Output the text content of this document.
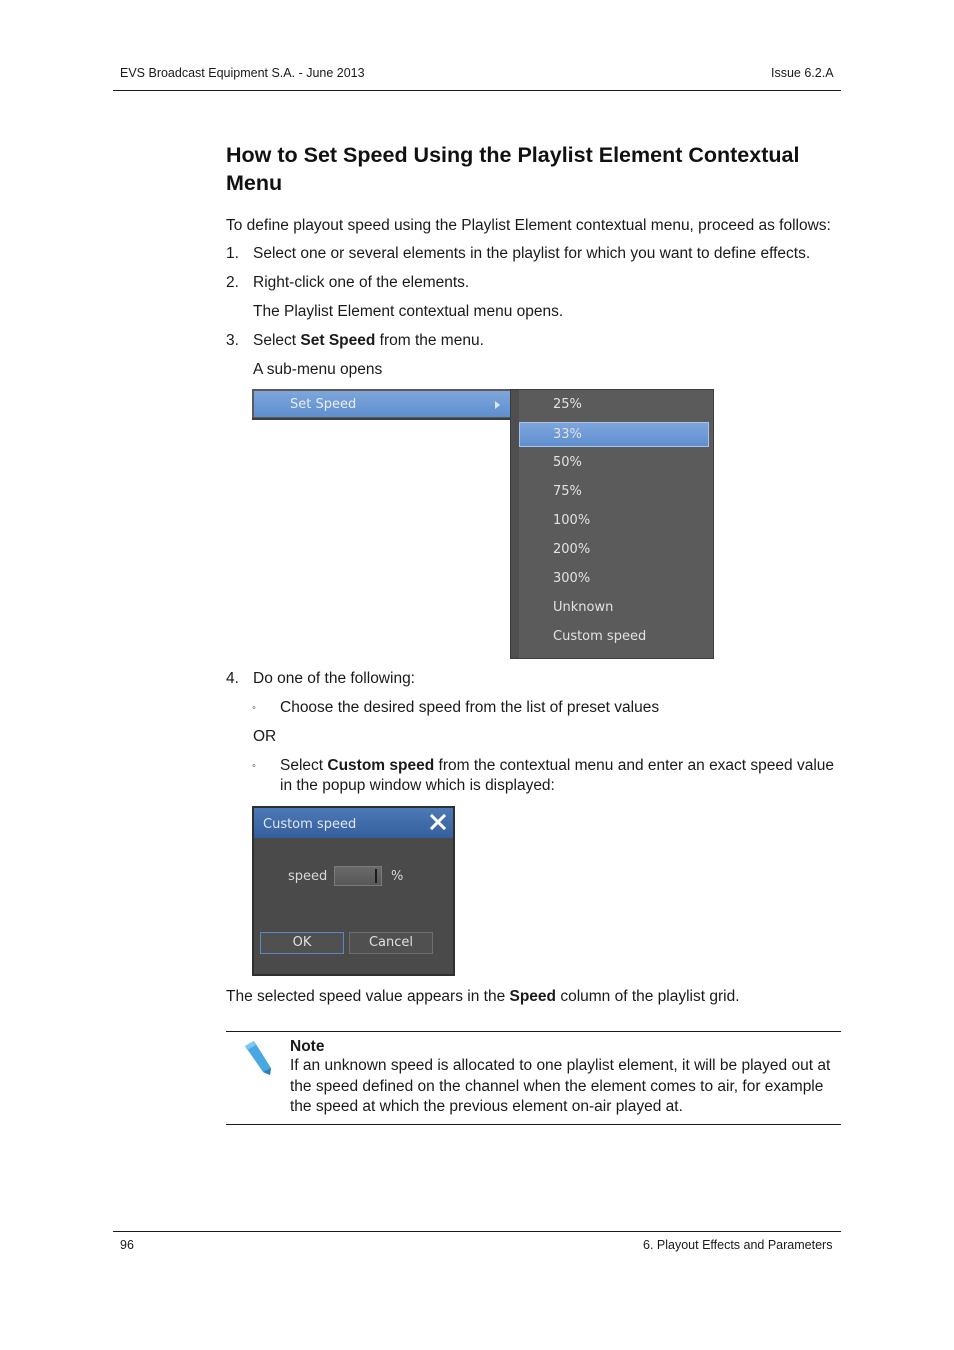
EVS Broadcast Equipment S.A. - June 2013	Issue 6.2.A
How to Set Speed Using the Playlist Element Contextual Menu
To define playout speed using the Playlist Element contextual menu, proceed as follows:
1. Select one or several elements in the playlist for which you want to define effects.
2. Right-click one of the elements.
The Playlist Element contextual menu opens.
3. Select Set Speed from the menu.
A sub-menu opens
Set Speed	25%
33%
50%
75%
100%
200%
300%
Unknown
Custom speed
4. Do one of the following:
◦ Choose the desired speed from the list of preset values
OR
◦ Select Custom speed from the contextual menu and enter an exact speed value
in the popup window which is displayed:
Custom speed
speed	%
OK	Cancel
The selected speed value appears in the Speed column of the playlist grid.
Note
If an unknown speed is allocated to one playlist element, it will be played out at
the speed defined on the channel when the element comes to air, for example
the speed at which the previous element on-air played at.
96	6. Playout Effects and Parameters
